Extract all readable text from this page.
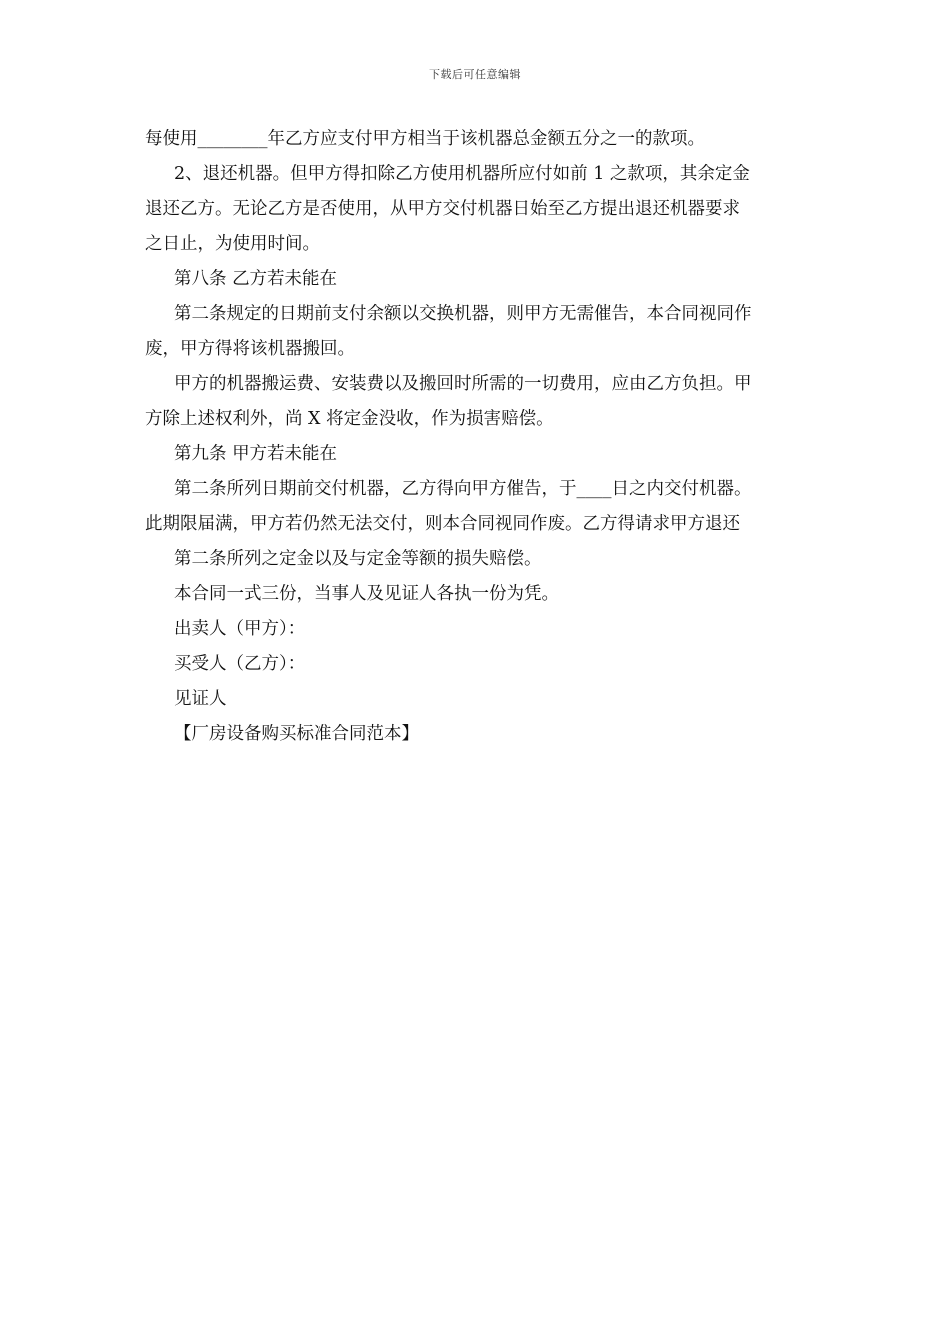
下载后可任意编辑
每使用________年乙方应支付甲方相当于该机器总金额五分之一的款项。
2、退还机器。但甲方得扣除乙方使用机器所应付如前 1 之款项，其余定金
退还乙方。无论乙方是否使用，从甲方交付机器日始至乙方提出退还机器要求
之日止，为使用时间。
第八条 乙方若未能在
第二条规定的日期前支付余额以交换机器，则甲方无需催告，本合同视同作
废，甲方得将该机器搬回。
甲方的机器搬运费、安装费以及搬回时所需的一切费用，应由乙方负担。甲
方除上述权利外，尚 X 将定金没收，作为损害赔偿。
第九条 甲方若未能在
第二条所列日期前交付机器，乙方得向甲方催告，于____日之内交付机器。
此期限届满，甲方若仍然无法交付，则本合同视同作废。乙方得请求甲方退还
第二条所列之定金以及与定金等额的损失赔偿。
本合同一式三份，当事人及见证人各执一份为凭。
出卖人（甲方）：
买受人（乙方）：
见证人
【厂房设备购买标准合同范本】
